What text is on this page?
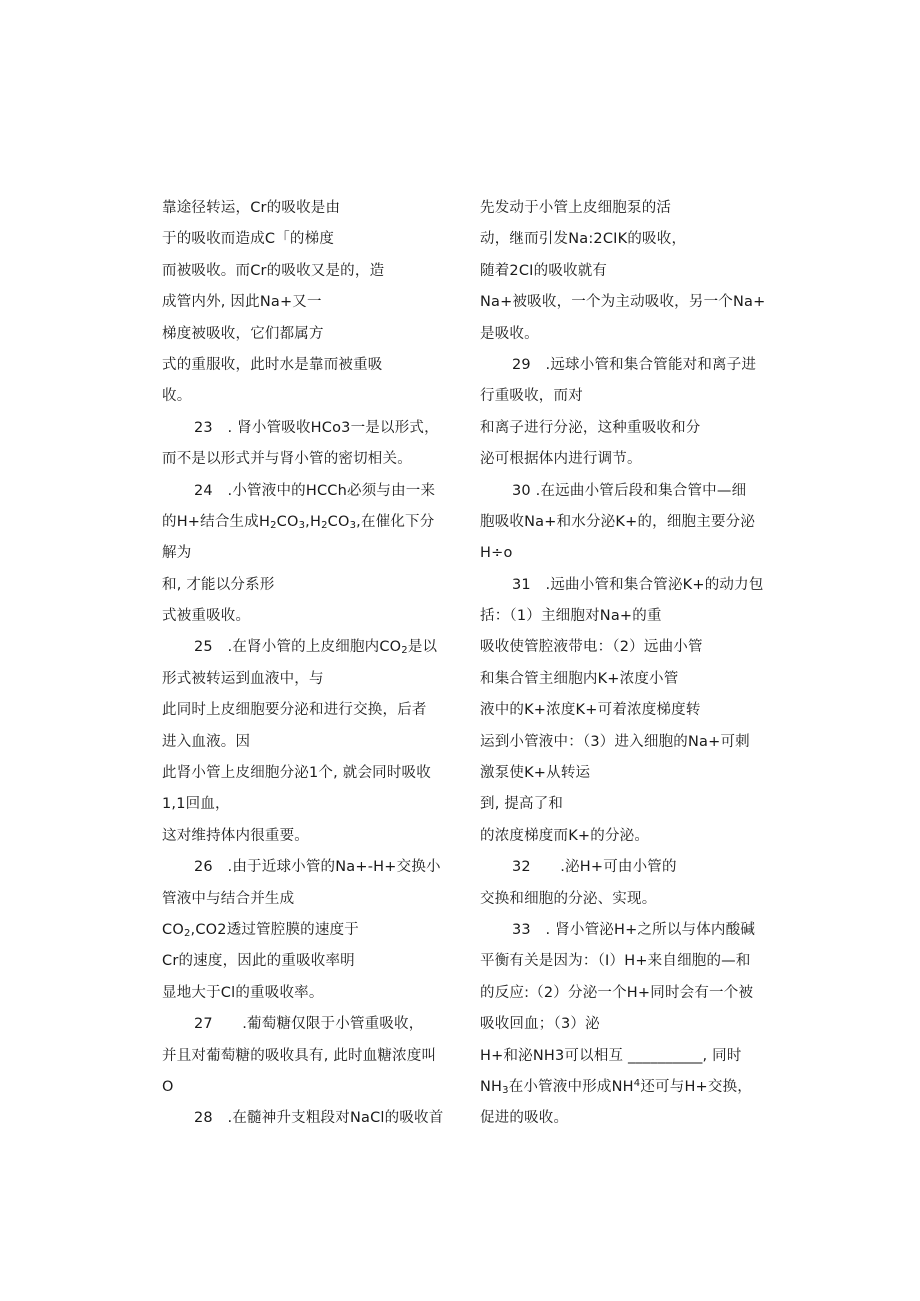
靠途径转运，Cr的吸收是由
于的吸收而造成C「的梯度
而被吸收。而Cr的吸收又是的，造
成管内外, 因此Na+又一
梯度被吸收，它们都属方
式的重服收，此时水是靠而被重吸
收。
23　. 肾小管吸收HCo3一是以形式，
而不是以形式并与肾小管的密切相关。
24　.小管液中的HCCh必须与由一来
的H+结合生成$H_2CO_3,H_2CO_3$,在催化下分
解为
和, 才能以分系形
式被重吸收。
25　.在肾小管的上皮细胞内$CO_2$是以
形式被转运到血液中，与
此同时上皮细胞要分泌和进行交换，后者
进入血液。因
此肾小管上皮细胞分泌1个, 就会同时吸收
1,1回血，
这对维持体内很重要。
26　.由于近球小管的Na+-H+交换小
管液中与结合并生成
$CO_2,CO2$透过管腔膜的速度于
Cr的速度，因此的重吸收率明
显地大于Cl的重吸收率。
27　　.葡萄糖仅限于小管重吸收，
并且对葡萄糖的吸收具有, 此时血糖浓度叫
O
28　.在髓神升支粗段对NaCl的吸收首
先发动于小管上皮细胞泵的活
动，继而引发Na:2CIK的吸收，
随着2CI的吸收就有
Na+被吸收，一个为主动吸收，另一个Na+
是吸收。
29　.远球小管和集合管能对和离子进
行重吸收，而对
和离子进行分泌，这种重吸收和分
泌可根据体内进行调节。
30 .在远曲小管后段和集合管中—细
胞吸收Na+和水分泌K+的，细胞主要分泌
H÷o
31　.远曲小管和集合管泌K+的动力包
括：（1）主细胞对Na+的重
吸收使管腔液带电：（2）远曲小管
和集合管主细胞内K+浓度小管
液中的K+浓度K+可着浓度梯度转
运到小管液中：（3）进入细胞的Na+可刺
激泵使K+从转运
到, 提高了和
的浓度梯度而K+的分泌。
32　　.泌H+可由小管的
交换和细胞的分泌、实现。
33　. 肾小管泌H+之所以与体内酸碱
平衡有关是因为：（I）H+来自细胞的—和
的反应:（2）分泌一个H+同时会有一个被
吸收回血；（3）泌
H+和泌NH3可以相互 __________, 同时
$NH_3$在小管液中形成$NH^4$还可与H+交换，
促进的吸收。
